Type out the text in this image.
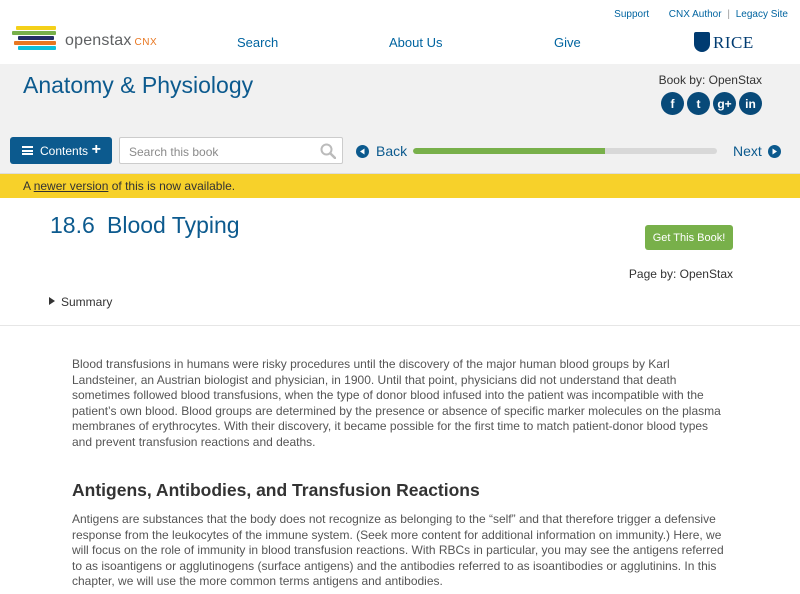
openstax CNX
Support CNX Author | Legacy Site
Search	About Us	Give	RICE
Anatomy & Physiology	Book by: OpenStax
f	t	g+	in
Contents +
Search this book	Back	Next
A newer version of this is now available.
18.6 Blood Typing	Get This Book!
Page by: OpenStax
Summary

Blood transfusions in humans were risky procedures until the discovery of the major human blood groups by Karl Landsteiner, an Austrian biologist and physician, in 1900. Until that point, physicians did not understand that death sometimes followed blood transfusions, when the type of donor blood infused into the patient was incompatible with the patient’s own blood. Blood groups are determined by the presence or absence of specific marker molecules on the plasma membranes of erythrocytes. With their discovery, it became possible for the first time to match patient-donor blood types and prevent transfusion reactions and deaths.

Antigens, Antibodies, and Transfusion Reactions

Antigens are substances that the body does not recognize as belonging to the “self” and that therefore trigger a defensive response from the leukocytes of the immune system. (Seek more content for additional information on immunity.) Here, we will focus on the role of immunity in blood transfusion reactions. With RBCs in particular, you may see the antigens referred to as isoantigens or agglutinogens (surface antigens) and the antibodies referred to as isoantibodies or agglutinins. In this chapter, we will use the more common terms antigens and antibodies.
